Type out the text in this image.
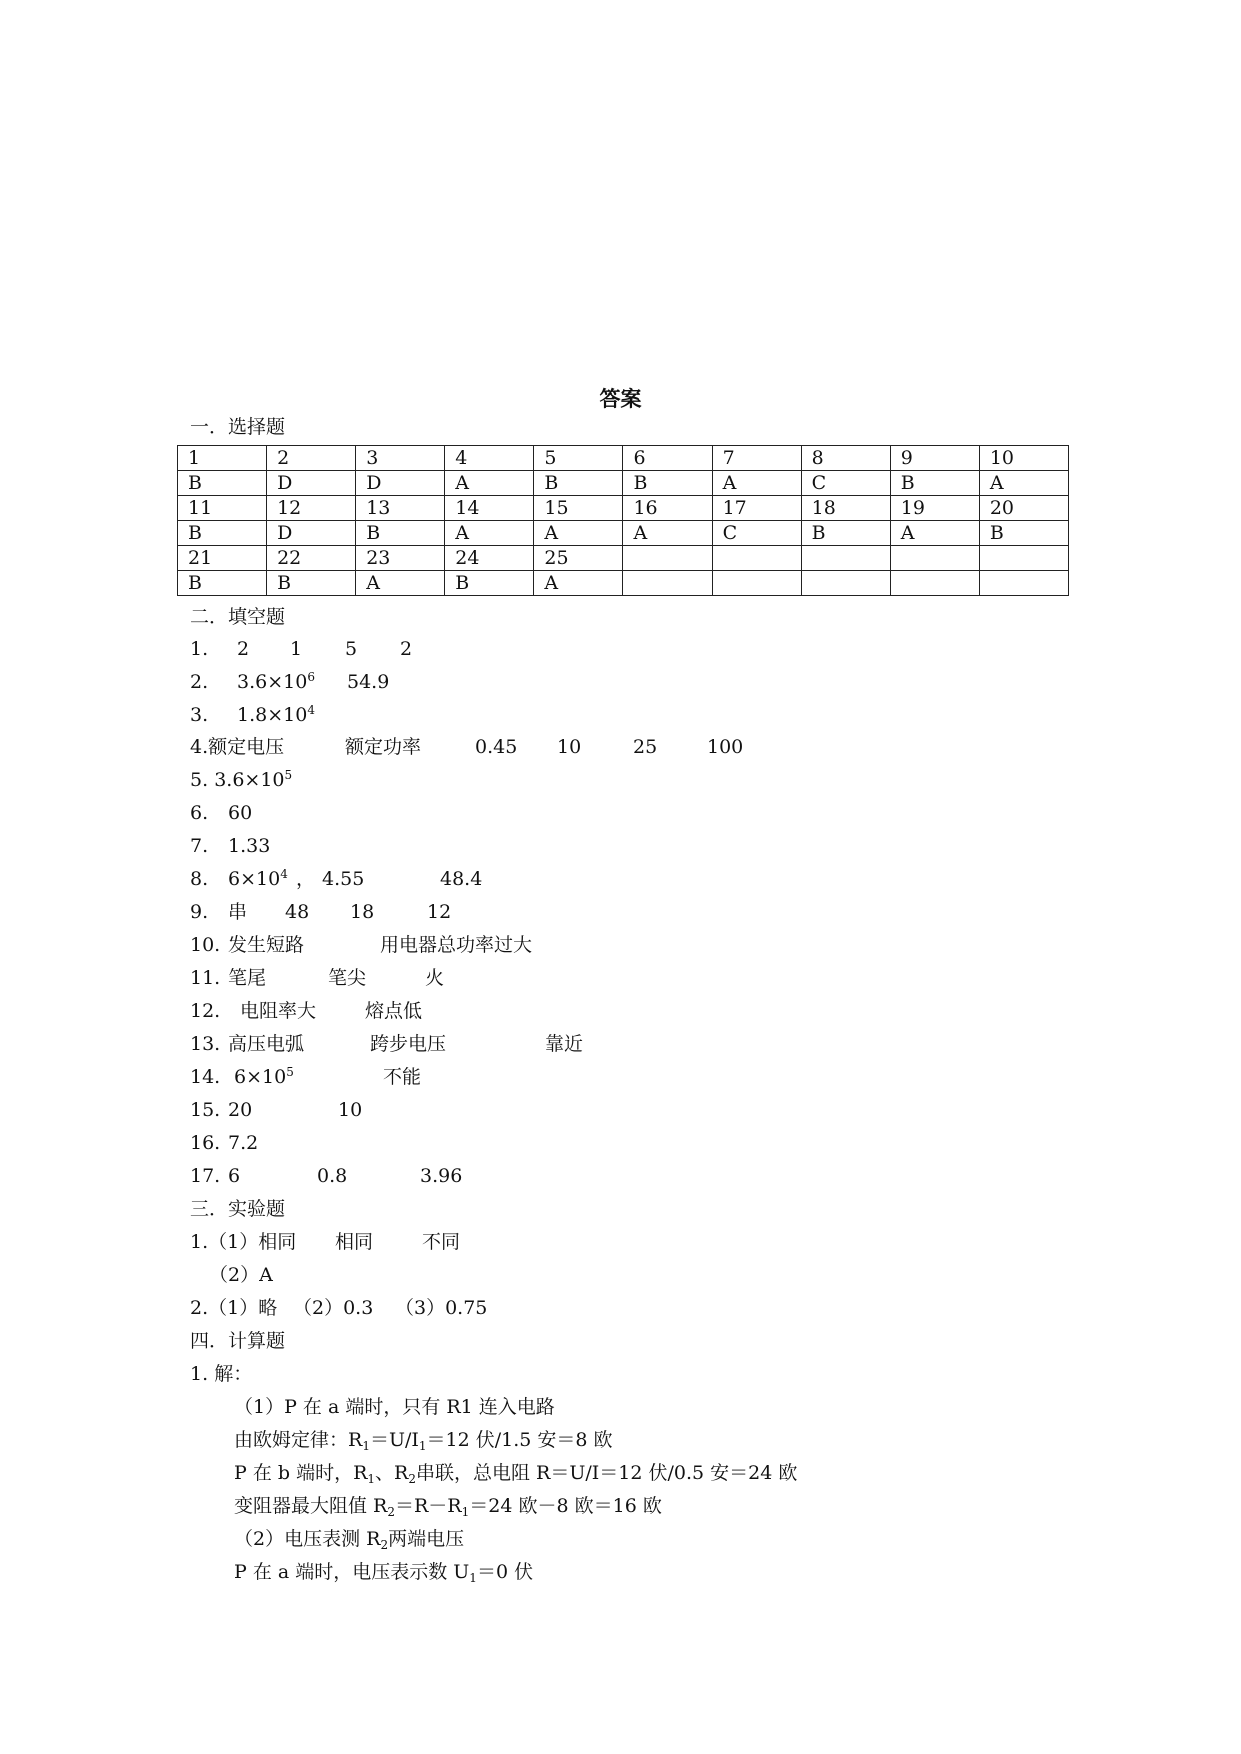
答案
一．选择题
1	2	3	4	5	6	7	8	9	10
B	D	D	A	B	B	A	C	B	A
11	12	13	14	15	16	17	18	19	20
B	D	B	A	A	A	C	B	A	B
21	22	23	24	25					
B	B	A	B	A					
二．填空题
1. 2 1 5 2
2. $3.6\times 10^6$ 54.9
3. $1.8\times 10^4$
4.额定电压	额定功率	0.45 10	25	100
5. $3.6\times 10^5$
6. 60
7. 1.33
8. $6\times 10^4$ ， 4.55	48.4
9. 串 48 18	12
10. 发生短路	用电器总功率过大
11. 笔尾	笔尖	火
12. 电阻率大	熔点低
13. 高压电弧	跨步电压	靠近
14. $6\times 10^5$	不能
15. 20	10
16. 7.2
17. 6	0.8	3.96
三．实验题
1.（1）相同 相同	不同
（2）A
2.（1）略 （2）0.3 （3）0.75
四．计算题
1. 解：
（1）P 在 a 端时，只有 R1 连入电路
由欧姆定律：$R_1=U/I_1=12$ 伏/1.5 安＝8 欧
P 在 b 端时，$R_1$、$R_2$串联，总电阻 R＝U/I＝12 伏/0.5 安＝24 欧
变阻器最大阻值 $R_2=R-R_1=24$ 欧－8 欧＝16 欧
（2）电压表测 $R_2$两端电压
P 在 a 端时，电压表示数 $U_1=0$ 伏
